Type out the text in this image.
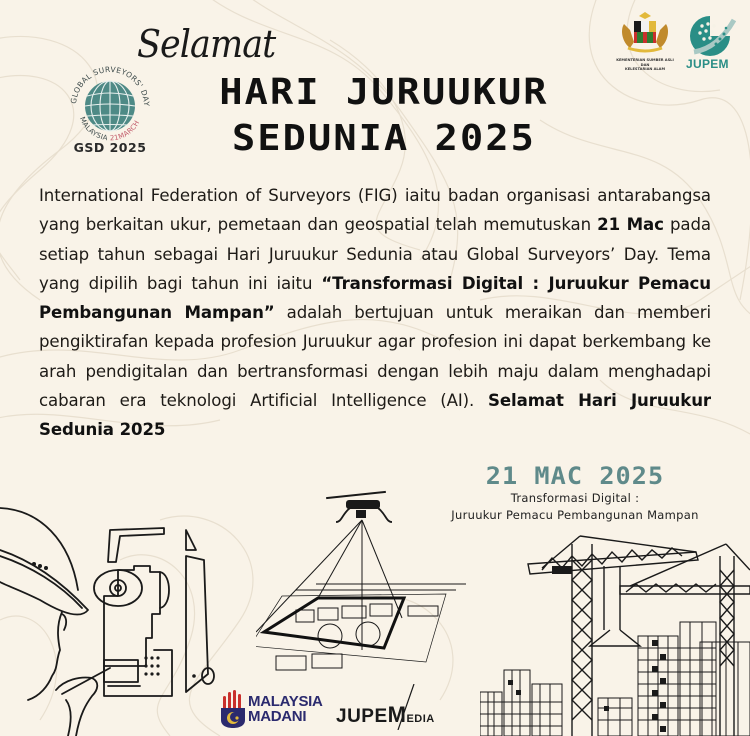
GLOBAL SURVEYORS' DAY
MALAYSIA 21MARCH
GSD 2025
Selamat
HARI JURUUKUR
SEDUNIA 2025
KEMENTERIAN SUMBER ASLI DAN
KELESTARIAN ALAM	JUPEM
International Federation of Surveyors (FIG) iaitu badan organisasi antarabangsa yang berkaitan ukur, pemetaan dan geospatial telah memutuskan 21 Mac pada setiap tahun sebagai Hari Juruukur Sedunia atau Global Surveyors’ Day. Tema yang dipilih bagi tahun ini iaitu “Transformasi Digital : Juruukur Pemacu Pembangunan Mampan” adalah bertujuan untuk meraikan dan memberi pengiktirafan kepada profesion Juruukur agar profesion ini dapat berkembang ke arah pendigitalan dan bertransformasi dengan lebih maju dalam menghadapi cabaran era teknologi Artificial Intelligence (AI). Selamat Hari Juruukur Sedunia 2025
21 MAC 2025
Transformasi Digital :
Juruukur Pemacu Pembangunan Mampan
MALAYSIA
MADANI	JUPEMEDIA
